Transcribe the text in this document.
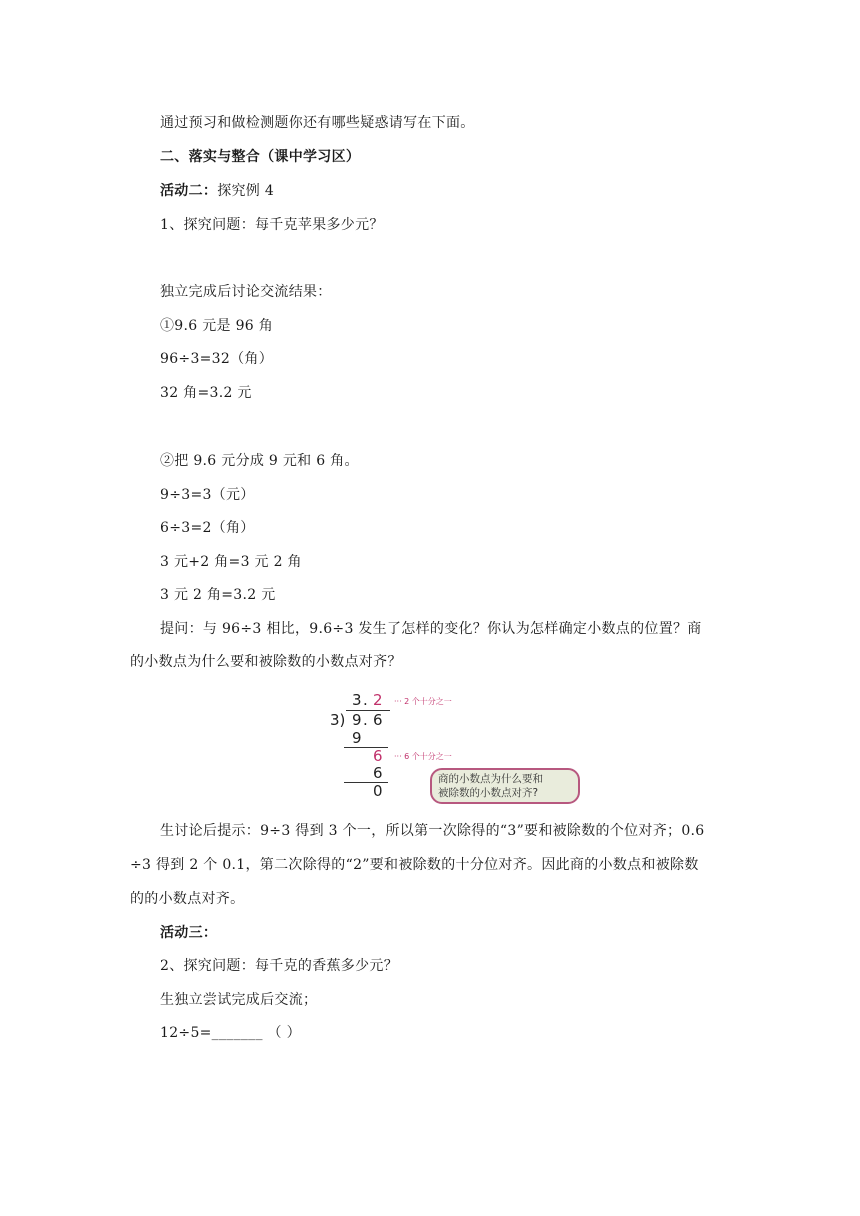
通过预习和做检测题你还有哪些疑惑请写在下面。
二、落实与整合（课中学习区）
活动二：探究例 4
1、探究问题：每千克苹果多少元？
独立完成后讨论交流结果：
①9.6 元是 96 角
96÷3=32（角）
32 角=3.2 元
②把 9.6 元分成 9 元和 6 角。
9÷3=3（元）
6÷3=2（角）
3 元+2 角=3 元 2 角
3 元 2 角=3.2 元
提问：与 96÷3 相比，9.6÷3 发生了怎样的变化？你认为怎样确定小数点的位置？商
的小数点为什么要和被除数的小数点对齐？
3 . 2 ··· 2 个十分之一
3) 9 . 6
9
6 ··· 6 个十分之一
6
0
商的小数点为什么要和
被除数的小数点对齐?
生讨论后提示：9÷3 得到 3 个一，所以第一次除得的“3”要和被除数的个位对齐；0.6
÷3 得到 2 个 0.1，第二次除得的“2”要和被除数的十分位对齐。因此商的小数点和被除数
的的小数点对齐。
活动三：
2、探究问题：每千克的香蕉多少元？
生独立尝试完成后交流；
12÷5=_______ （ ）
